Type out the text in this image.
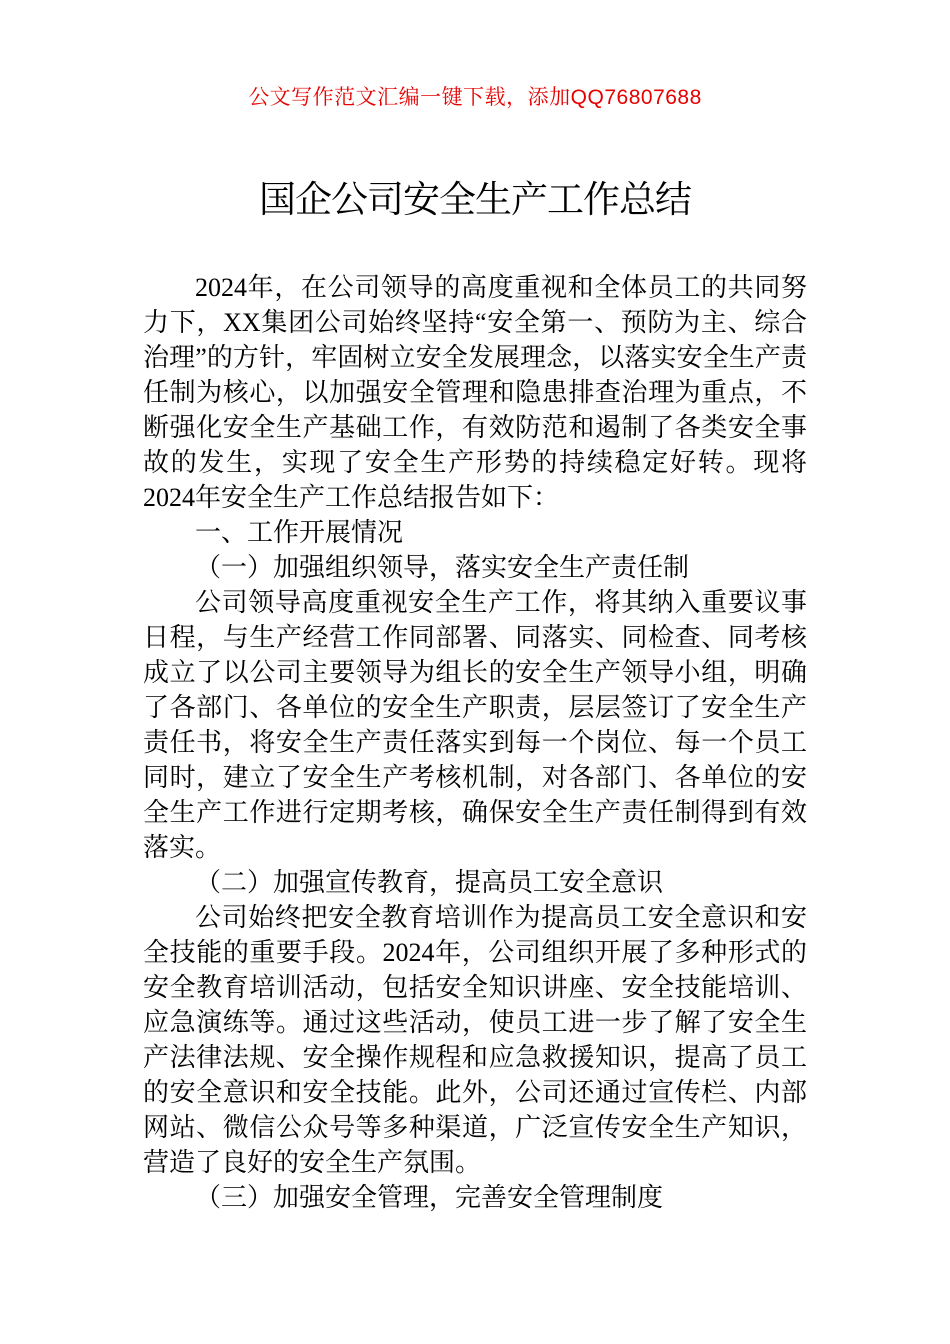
公文写作范文汇编一键下载，添加QQ76807688
国企公司安全生产工作总结

2024年，在公司领导的高度重视和全体员工的共同努力下，XX集团公司始终坚持“安全第一、预防为主、综合治理”的方针，牢固树立安全发展理念，以落实安全生产责任制为核心，以加强安全管理和隐患排查治理为重点，不断强化安全生产基础工作，有效防范和遏制了各类安全事故的发生，实现了安全生产形势的持续稳定好转。现将2024年安全生产工作总结报告如下：

一、工作开展情况

（一）加强组织领导，落实安全生产责任制

公司领导高度重视安全生产工作，将其纳入重要议事日程，与生产经营工作同部署、同落实、同检查、同考核成立了以公司主要领导为组长的安全生产领导小组，明确了各部门、各单位的安全生产职责，层层签订了安全生产责任书，将安全生产责任落实到每一个岗位、每一个员工同时，建立了安全生产考核机制，对各部门、各单位的安全生产工作进行定期考核，确保安全生产责任制得到有效落实。

（二）加强宣传教育，提高员工安全意识

公司始终把安全教育培训作为提高员工安全意识和安全技能的重要手段。2024年，公司组织开展了多种形式的安全教育培训活动，包括安全知识讲座、安全技能培训、应急演练等。通过这些活动，使员工进一步了解了安全生产法律法规、安全操作规程和应急救援知识，提高了员工的安全意识和安全技能。此外，公司还通过宣传栏、内部网站、微信公众号等多种渠道，广泛宣传安全生产知识，营造了良好的安全生产氛围。

（三）加强安全管理，完善安全管理制度
